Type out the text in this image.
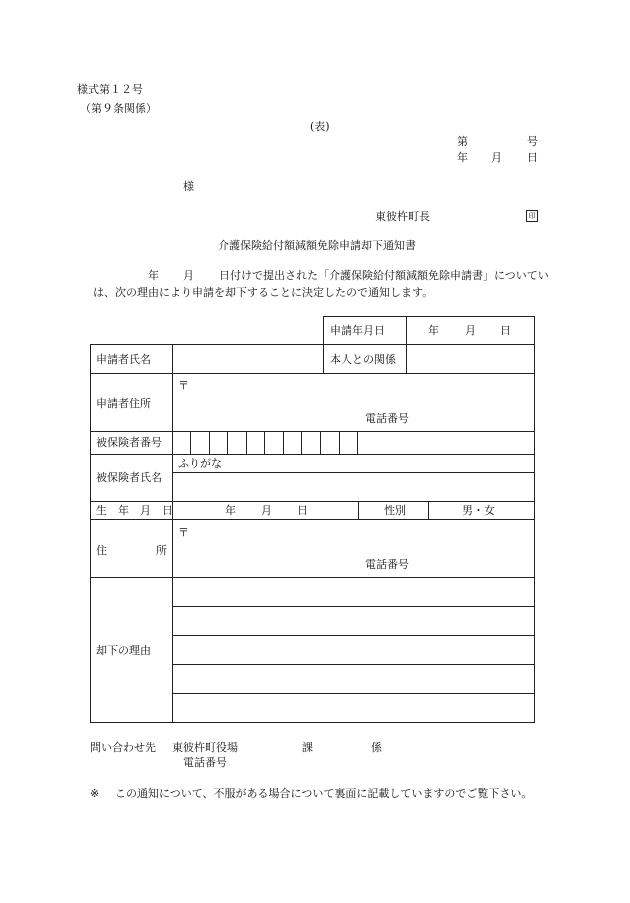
様式第１２号
（第９条関係）
(表)
第	号
年 月 日
様
東彼杵町長	印
介護保険給付額減額免除申請却下通知書
年 月 日付けで提出された「介護保険給付額減額免除申請書」についてい
は、次の理由により申請を却下することに決定したので通知します。
申請年月日	年 月 日
申請者氏名	本人との関係
申請者住所
〒
電話番号
被保険者番号
ふりがな
被保険者氏名
生　年　月　日	年 月 日	性別	男・女
住	所
〒
電話番号
却下の理由
問い合わせ先 東彼杵町役場	課	係
電話番号
※ この通知について、不服がある場合について裏面に記載していますのでご覧下さい。
